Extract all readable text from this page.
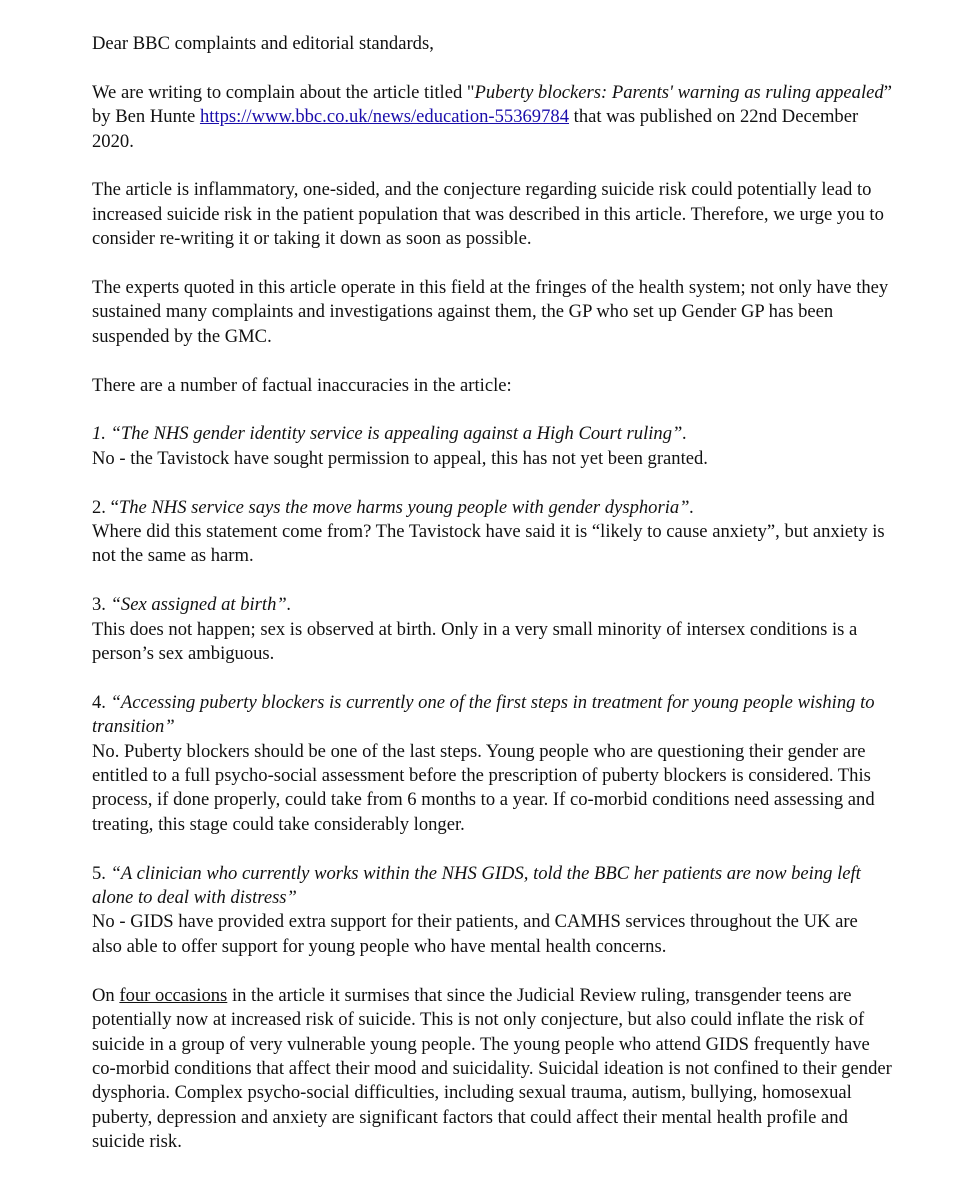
Dear BBC complaints and editorial standards,

We are writing to complain about the article titled "Puberty blockers: Parents' warning as ruling appealed” by Ben Hunte https://www.bbc.co.uk/news/education-55369784 that was published on 22nd December 2020.

The article is inflammatory, one-sided, and the conjecture regarding suicide risk could potentially lead to increased suicide risk in the patient population that was described in this article. Therefore, we urge you to consider re-writing it or taking it down as soon as possible.

The experts quoted in this article operate in this field at the fringes of the health system; not only have they sustained many complaints and investigations against them, the GP who set up Gender GP has been suspended by the GMC.

There are a number of factual inaccuracies in the article:

1. “The NHS gender identity service is appealing against a High Court ruling”.
No - the Tavistock have sought permission to appeal, this has not yet been granted.

2. “The NHS service says the move harms young people with gender dysphoria”.
Where did this statement come from? The Tavistock have said it is “likely to cause anxiety”, but anxiety is not the same as harm.

3. “Sex assigned at birth”.
This does not happen; sex is observed at birth. Only in a very small minority of intersex conditions is a person’s sex ambiguous.

4. “Accessing puberty blockers is currently one of the first steps in treatment for young people wishing to transition”
No. Puberty blockers should be one of the last steps. Young people who are questioning their gender are entitled to a full psycho-social assessment before the prescription of puberty blockers is considered. This process, if done properly, could take from 6 months to a year. If co-morbid conditions need assessing and treating, this stage could take considerably longer.

5. “A clinician who currently works within the NHS GIDS, told the BBC her patients are now being left alone to deal with distress”
No - GIDS have provided extra support for their patients, and CAMHS services throughout the UK are also able to offer support for young people who have mental health concerns.

On four occasions in the article it surmises that since the Judicial Review ruling, transgender teens are potentially now at increased risk of suicide. This is not only conjecture, but also could inflate the risk of suicide in a group of very vulnerable young people. The young people who attend GIDS frequently have co-morbid conditions that affect their mood and suicidality. Suicidal ideation is not confined to their gender dysphoria. Complex psycho-social difficulties, including sexual trauma, autism, bullying, homosexual puberty, depression and anxiety are significant factors that could affect their mental health profile and suicide risk.
